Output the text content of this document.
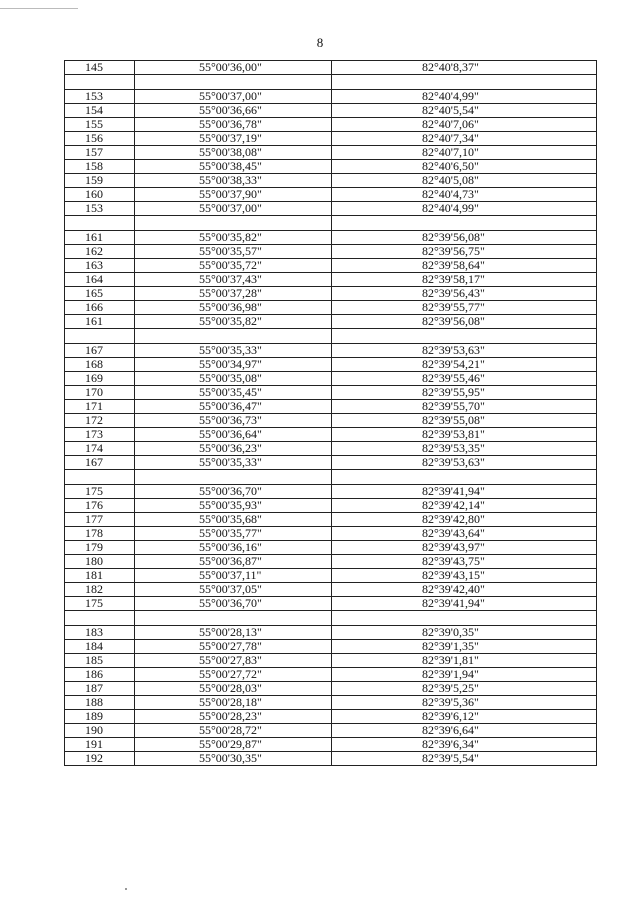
8
145	55°00'36,00"	82°40'8,37"

153	55°00'37,00"	82°40'4,99"
154	55°00'36,66"	82°40'5,54"
155	55°00'36,78"	82°40'7,06"
156	55°00'37,19"	82°40'7,34"
157	55°00'38,08"	82°40'7,10"
158	55°00'38,45"	82°40'6,50"
159	55°00'38,33"	82°40'5,08"
160	55°00'37,90"	82°40'4,73"
153	55°00'37,00"	82°40'4,99"

161	55°00'35,82"	82°39'56,08"
162	55°00'35,57"	82°39'56,75"
163	55°00'35,72"	82°39'58,64"
164	55°00'37,43"	82°39'58,17"
165	55°00'37,28"	82°39'56,43"
166	55°00'36,98"	82°39'55,77"
161	55°00'35,82"	82°39'56,08"

167	55°00'35,33"	82°39'53,63"
168	55°00'34,97"	82°39'54,21"
169	55°00'35,08"	82°39'55,46"
170	55°00'35,45"	82°39'55,95"
171	55°00'36,47"	82°39'55,70"
172	55°00'36,73"	82°39'55,08"
173	55°00'36,64"	82°39'53,81"
174	55°00'36,23"	82°39'53,35"
167	55°00'35,33"	82°39'53,63"

175	55°00'36,70"	82°39'41,94"
176	55°00'35,93"	82°39'42,14"
177	55°00'35,68"	82°39'42,80"
178	55°00'35,77"	82°39'43,64"
179	55°00'36,16"	82°39'43,97"
180	55°00'36,87"	82°39'43,75"
181	55°00'37,11"	82°39'43,15"
182	55°00'37,05"	82°39'42,40"
175	55°00'36,70"	82°39'41,94"

183	55°00'28,13"	82°39'0,35"
184	55°00'27,78"	82°39'1,35"
185	55°00'27,83"	82°39'1,81"
186	55°00'27,72"	82°39'1,94"
187	55°00'28,03"	82°39'5,25"
188	55°00'28,18"	82°39'5,36"
189	55°00'28,23"	82°39'6,12"
190	55°00'28,72"	82°39'6,64"
191	55°00'29,87"	82°39'6,34"
192	55°00'30,35"	82°39'5,54"
